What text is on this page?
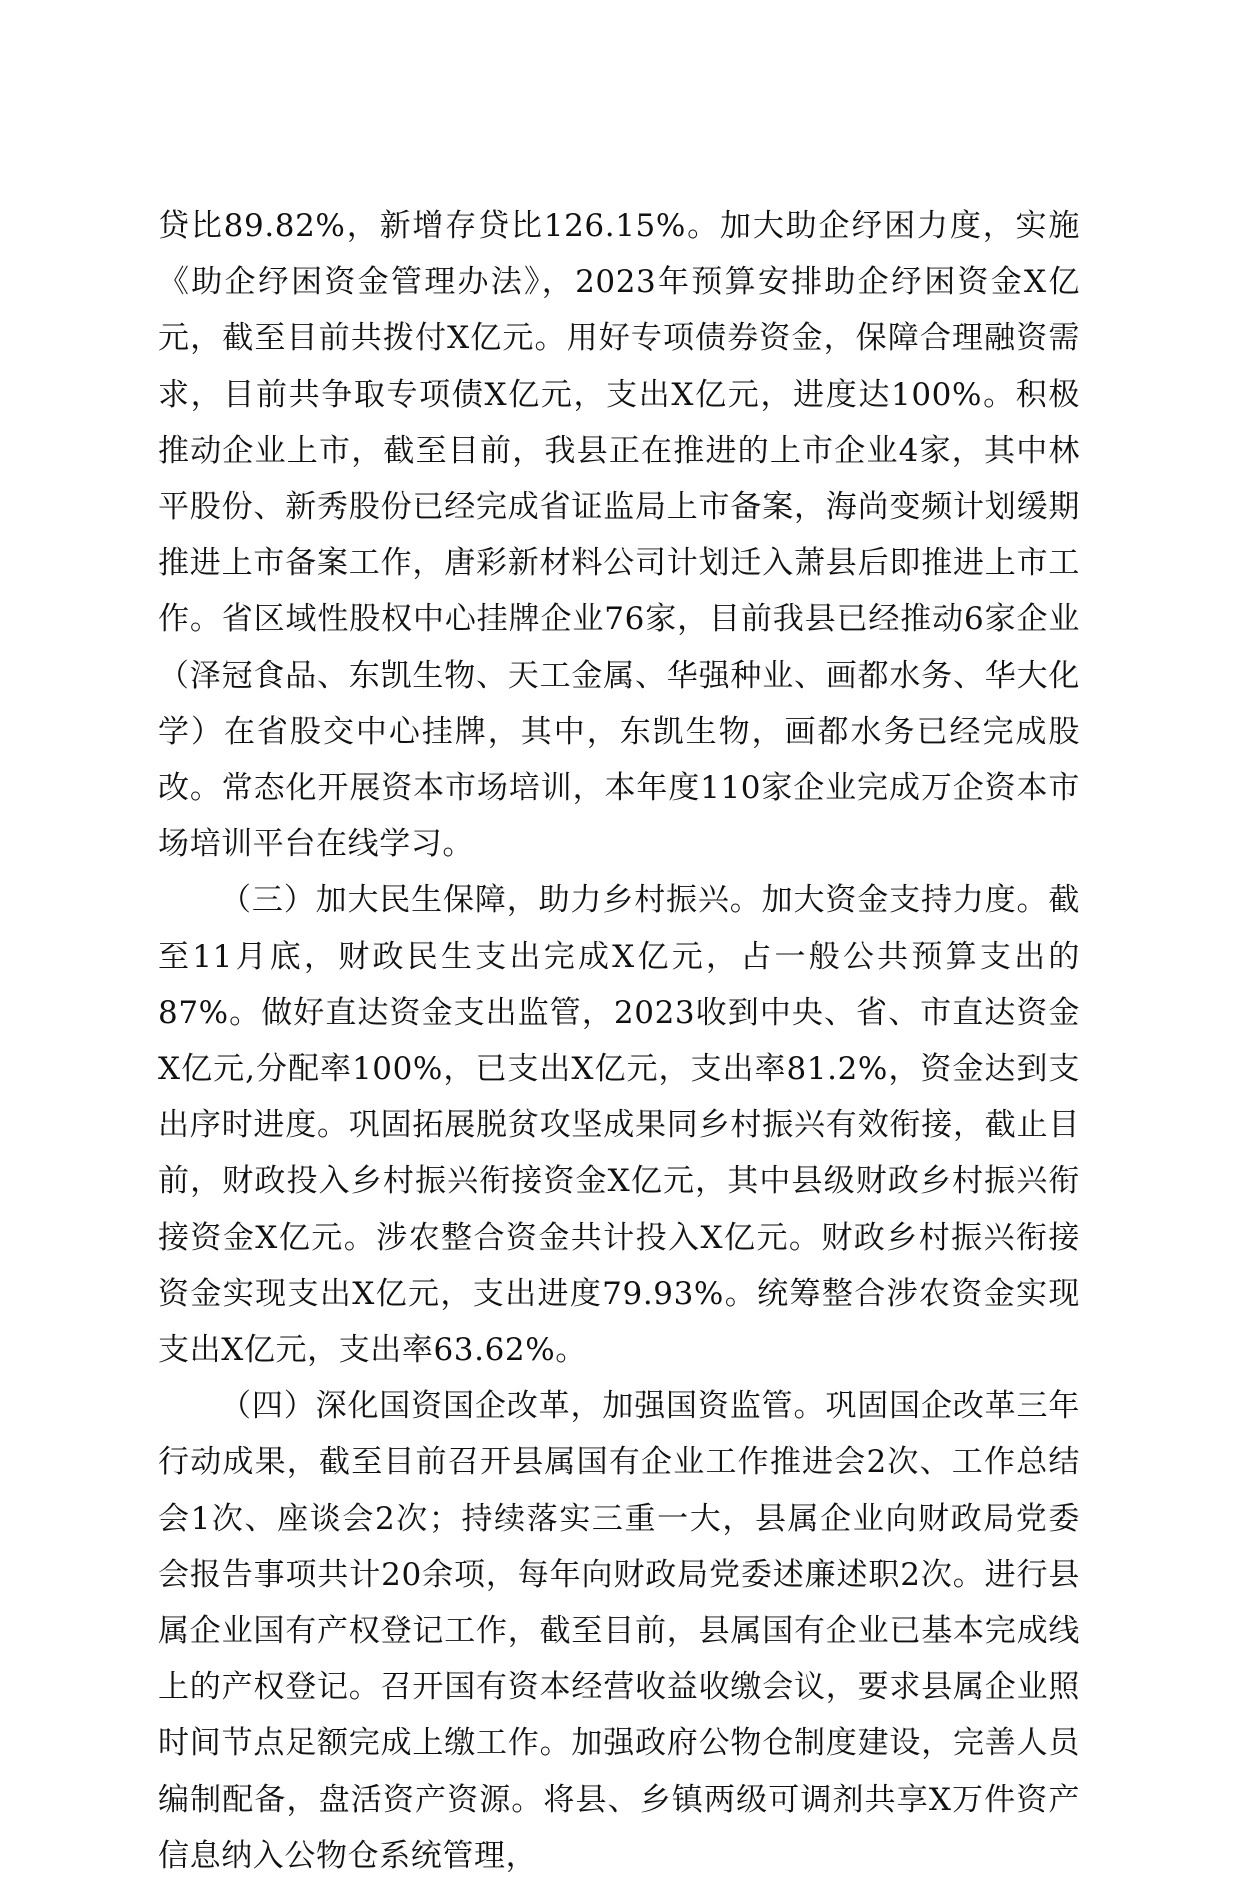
贷比89.82%，新增存贷比126.15%。加大助企纾困力度，实施《助企纾困资金管理办法》，2023年预算安排助企纾困资金X亿元，截至目前共拨付X亿元。用好专项债券资金，保障合理融资需求，目前共争取专项债X亿元，支出X亿元，进度达100%。积极推动企业上市，截至目前，我县正在推进的上市企业4家，其中林平股份、新秀股份已经完成省证监局上市备案，海尚变频计划缓期推进上市备案工作，唐彩新材料公司计划迁入萧县后即推进上市工作。省区域性股权中心挂牌企业76家，目前我县已经推动6家企业（泽冠食品、东凯生物、天工金属、华强种业、画都水务、华大化学）在省股交中心挂牌，其中，东凯生物，画都水务已经完成股改。常态化开展资本市场培训，本年度110家企业完成万企资本市场培训平台在线学习。

（三）加大民生保障，助力乡村振兴。加大资金支持力度。截至11月底，财政民生支出完成X亿元，占一般公共预算支出的87%。做好直达资金支出监管，2023收到中央、省、市直达资金X亿元,分配率100%，已支出X亿元，支出率81.2%，资金达到支出序时进度。巩固拓展脱贫攻坚成果同乡村振兴有效衔接，截止目前，财政投入乡村振兴衔接资金X亿元，其中县级财政乡村振兴衔接资金X亿元。涉农整合资金共计投入X亿元。财政乡村振兴衔接资金实现支出X亿元，支出进度79.93%。统筹整合涉农资金实现支出X亿元，支出率63.62%。

（四）深化国资国企改革，加强国资监管。巩固国企改革三年行动成果，截至目前召开县属国有企业工作推进会2次、工作总结会1次、座谈会2次；持续落实三重一大，县属企业向财政局党委会报告事项共计20余项，每年向财政局党委述廉述职2次。进行县属企业国有产权登记工作，截至目前，县属国有企业已基本完成线上的产权登记。召开国有资本经营收益收缴会议，要求县属企业照时间节点足额完成上缴工作。加强政府公物仓制度建设，完善人员编制配备，盘活资产资源。将县、乡镇两级可调剂共享X万件资产信息纳入公物仓系统管理，
